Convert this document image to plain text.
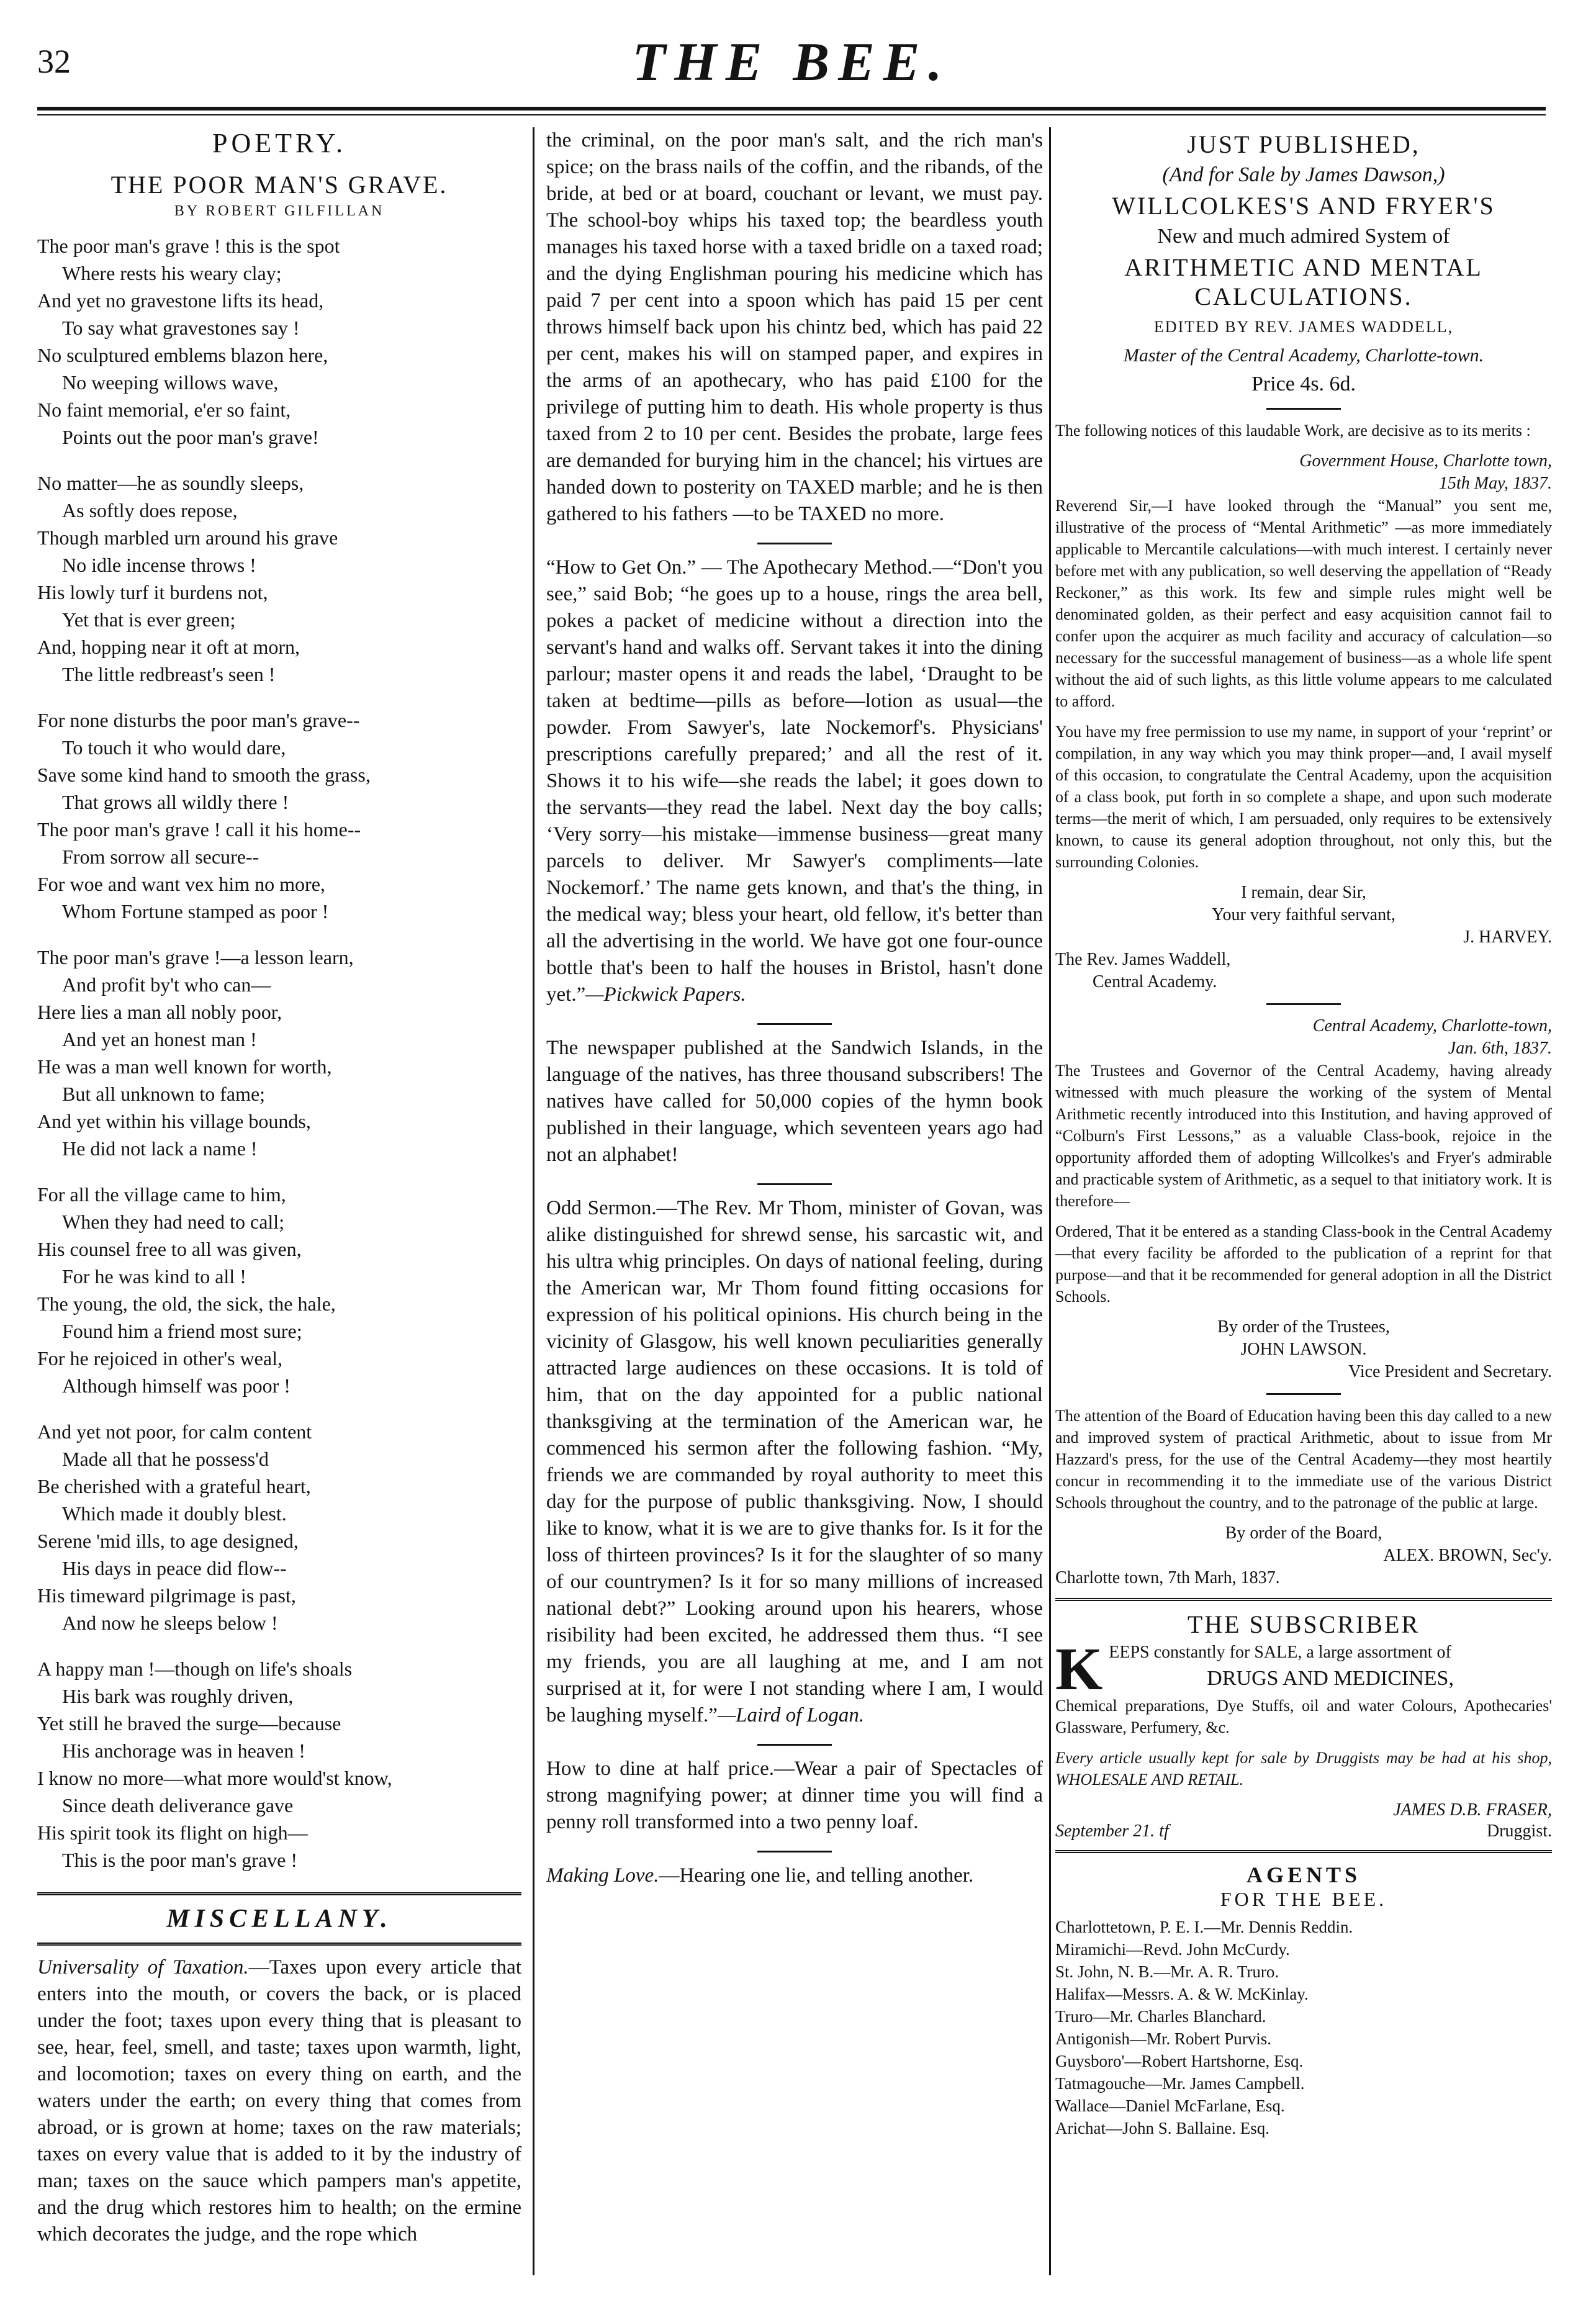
32	THE BEE.
POETRY.
THE POOR MAN'S GRAVE.
BY ROBERT GILFILLAN
The poor man's grave ! this is the spot
Where rests his weary clay;
And yet no gravestone lifts its head,
To say what gravestones say !
No sculptured emblems blazon here,
No weeping willows wave,
No faint memorial, e'er so faint,
Points out the poor man's grave!
No matter—he as soundly sleeps,
As softly does repose,
Though marbled urn around his grave
No idle incense throws !
His lowly turf it burdens not,
Yet that is ever green;
And, hopping near it oft at morn,
The little redbreast's seen !
For none disturbs the poor man's grave--
To touch it who would dare,
Save some kind hand to smooth the grass,
That grows all wildly there !
The poor man's grave ! call it his home--
From sorrow all secure--
For woe and want vex him no more,
Whom Fortune stamped as poor !
The poor man's grave !—a lesson learn,
And profit by't who can—
Here lies a man all nobly poor,
And yet an honest man !
He was a man well known for worth,
But all unknown to fame;
And yet within his village bounds,
He did not lack a name !
For all the village came to him,
When they had need to call;
His counsel free to all was given,
For he was kind to all !
The young, the old, the sick, the hale,
Found him a friend most sure;
For he rejoiced in other's weal,
Although himself was poor !
And yet not poor, for calm content
Made all that he possess'd
Be cherished with a grateful heart,
Which made it doubly blest.
Serene 'mid ills, to age designed,
His days in peace did flow--
His timeward pilgrimage is past,
And now he sleeps below !
A happy man !—though on life's shoals
His bark was roughly driven,
Yet still he braved the surge—because
His anchorage was in heaven !
I know no more—what more would'st know,
Since death deliverance gave
His spirit took its flight on high—
This is the poor man's grave !
MISCELLANY.

Universality of Taxation.—Taxes upon every article that enters into the mouth, or covers the back, or is placed under the foot; taxes upon every thing that is pleasant to see, hear, feel, smell, and taste; taxes upon warmth, light, and locomotion; taxes on every thing on earth, and the waters under the earth; on every thing that comes from abroad, or is grown at home; taxes on the raw materials; taxes on every value that is added to it by the industry of man; taxes on the sauce which pampers man's appetite, and the drug which restores him to health; on the ermine which decorates the judge, and the rope which

the criminal, on the poor man's salt, and the rich man's spice; on the brass nails of the coffin, and the ribands, of the bride, at bed or at board, couchant or levant, we must pay. The school-boy whips his taxed top; the beardless youth manages his taxed horse with a taxed bridle on a taxed road; and the dying Englishman pouring his medicine which has paid 7 per cent into a spoon which has paid 15 per cent throws himself back upon his chintz bed, which has paid 22 per cent, makes his will on stamped paper, and expires in the arms of an apothecary, who has paid £100 for the privilege of putting him to death. His whole property is thus taxed from 2 to 10 per cent. Besides the probate, large fees are demanded for burying him in the chancel; his virtues are handed down to posterity on TAXED marble; and he is then gathered to his fathers —to be TAXED no more.

“How to Get On.” — The Apothecary Method.—“Don't you see,” said Bob; “he goes up to a house, rings the area bell, pokes a packet of medicine without a direction into the servant's hand and walks off. Servant takes it into the dining parlour; master opens it and reads the label, ‘Draught to be taken at bedtime—pills as before—lotion as usual—the powder. From Sawyer's, late Nockemorf's. Physicians' prescriptions carefully prepared;’ and all the rest of it. Shows it to his wife—she reads the label; it goes down to the servants—they read the label. Next day the boy calls; ‘Very sorry—his mistake—immense business—great many parcels to deliver. Mr Sawyer's compliments—late Nockemorf.’ The name gets known, and that's the thing, in the medical way; bless your heart, old fellow, it's better than all the advertising in the world. We have got one four-ounce bottle that's been to half the houses in Bristol, hasn't done yet.”—Pickwick Papers.

The newspaper published at the Sandwich Islands, in the language of the natives, has three thousand subscribers! The natives have called for 50,000 copies of the hymn book published in their language, which seventeen years ago had not an alphabet!

Odd Sermon.—The Rev. Mr Thom, minister of Govan, was alike distinguished for shrewd sense, his sarcastic wit, and his ultra whig principles. On days of national feeling, during the American war, Mr Thom found fitting occasions for expression of his political opinions. His church being in the vicinity of Glasgow, his well known peculiarities generally attracted large audiences on these occasions. It is told of him, that on the day appointed for a public national thanksgiving at the termination of the American war, he commenced his sermon after the following fashion. “My, friends we are commanded by royal authority to meet this day for the purpose of public thanksgiving. Now, I should like to know, what it is we are to give thanks for. Is it for the loss of thirteen provinces? Is it for the slaughter of so many of our countrymen? Is it for so many millions of increased national debt?” Looking around upon his hearers, whose risibility had been excited, he addressed them thus. “I see my friends, you are all laughing at me, and I am not surprised at it, for were I not standing where I am, I would be laughing myself.”—Laird of Logan.

How to dine at half price.—Wear a pair of Spectacles of strong magnifying power; at dinner time you will find a penny roll transformed into a two penny loaf.

Making Love.—Hearing one lie, and telling another.

JUST PUBLISHED,
(And for Sale by James Dawson,)
WILLCOLKES'S AND FRYER'S
New and much admired System of
ARITHMETIC AND MENTAL CALCULATIONS.
EDITED BY REV. JAMES WADDELL,
Master of the Central Academy, Charlotte-town.
Price 4s. 6d.

The following notices of this laudable Work, are decisive as to its merits :

Government House, Charlotte town,
15th May, 1837.

Reverend Sir,—I have looked through the “Manual” you sent me, illustrative of the process of “Mental Arithmetic” —as more immediately applicable to Mercantile calculations—with much interest. I certainly never before met with any publication, so well deserving the appellation of “Ready Reckoner,” as this work. Its few and simple rules might well be denominated golden, as their perfect and easy acquisition cannot fail to confer upon the acquirer as much facility and accuracy of calculation—so necessary for the successful management of business—as a whole life spent without the aid of such lights, as this little volume appears to me calculated to afford.

You have my free permission to use my name, in support of your ‘reprint’ or compilation, in any way which you may think proper—and, I avail myself of this occasion, to congratulate the Central Academy, upon the acquisition of a class book, put forth in so complete a shape, and upon such moderate terms—the merit of which, I am persuaded, only requires to be extensively known, to cause its general adoption throughout, not only this, but the surrounding Colonies.

I remain, dear Sir,
Your very faithful servant,
J. HARVEY.
The Rev. James Waddell,
Central Academy.
Central Academy, Charlotte-town,
Jan. 6th, 1837.

The Trustees and Governor of the Central Academy, having already witnessed with much pleasure the working of the system of Mental Arithmetic recently introduced into this Institution, and having approved of “Colburn's First Lessons,” as a valuable Class-book, rejoice in the opportunity afforded them of adopting Willcolkes's and Fryer's admirable and practicable system of Arithmetic, as a sequel to that initiatory work. It is therefore—

Ordered, That it be entered as a standing Class-book in the Central Academy—that every facility be afforded to the publication of a reprint for that purpose—and that it be recommended for general adoption in all the District Schools.

By order of the Trustees,
JOHN LAWSON.
Vice President and Secretary.

The attention of the Board of Education having been this day called to a new and improved system of practical Arithmetic, about to issue from Mr Hazzard's press, for the use of the Central Academy—they most heartily concur in recommending it to the immediate use of the various District Schools throughout the country, and to the patronage of the public at large.

By order of the Board,
ALEX. BROWN, Sec'y.
Charlotte town, 7th Marh, 1837.
THE SUBSCRIBER
K EEPS constantly for SALE, a large assortment of
DRUGS AND MEDICINES,

Chemical preparations, Dye Stuffs, oil and water Colours, Apothecaries' Glassware, Perfumery, &c.

Every article usually kept for sale by Druggists may be had at his shop, WHOLESALE AND RETAIL.

JAMES D.B. FRASER,
September 21. tf	Druggist.
AGENTS
FOR THE BEE.
Charlottetown, P. E. I.—Mr. Dennis Reddin.
Miramichi—Revd. John McCurdy.
St. John, N. B.—Mr. A. R. Truro.
Halifax—Messrs. A. & W. McKinlay.
Truro—Mr. Charles Blanchard.
Antigonish—Mr. Robert Purvis.
Guysboro'—Robert Hartshorne, Esq.
Tatmagouche—Mr. James Campbell.
Wallace—Daniel McFarlane, Esq.
Arichat—John S. Ballaine. Esq.
